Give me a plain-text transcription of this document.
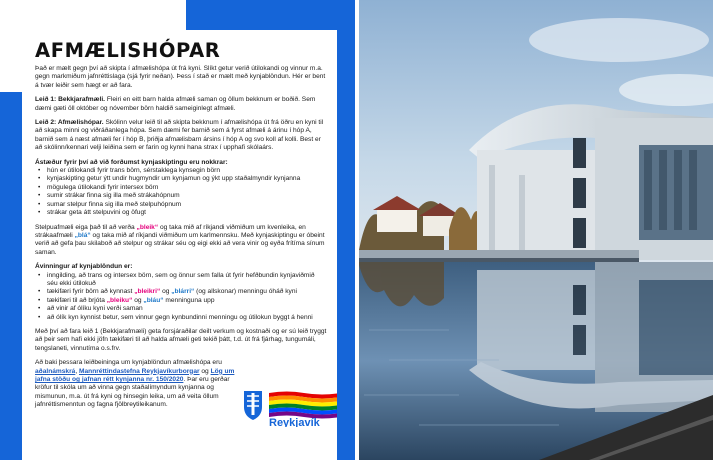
AFMÆLISHÓPAR

Það er mælt gegn því að skipta í afmælishópa út frá kyni. Slíkt getur verið útilokandi og vinnur m.a. gegn markmiðum jafnréttislaga (sjá fyrir neðan). Þess í stað er mælt með kynjablöndun. Hér er bent á tvær leiðir sem hægt er að fara.

Leið 1: Bekkjarafmæli. Fleiri en eitt barn halda afmæli saman og öllum bekknum er boðið. Sem dæmi gæti öll október og nóvember börn haldið sameiginlegt afmæli.

Leið 2: Afmælishópar. Skólinn velur leið til að skipta bekknum í afmælishópa út frá öðru en kyni til að skapa minni og viðráðanlega hópa. Sem dæmi fer barnið sem á fyrst afmæli á árinu í hóp A, barnið sem á næst afmæli fer í hóp B, þriðja afmælisbarn ársins í hóp A og svo koll af kolli. Best er að skólinn/kennari velji leiðina sem er farin og kynni hana strax í upphafi skólaárs.

Ástæður fyrir því að við forðumst kynjaskiptingu eru nokkrar:
• hún er útilokandi fyrir trans börn, sérstaklega kynsegin börn
• kynjaskipting getur ýtt undir hugmyndir um kynjamun og ýkt upp staðalmyndir kynjanna
• mögulega útilokandi fyrir intersex börn
• sumir strákar finna sig illa með strákahópnum
• sumar stelpur finna sig illa með stelpuhópnum
• strákar geta átt stelpuvini og öfugt

Stelpuafmæli eiga það til að verða „bleik“ og taka mið af ríkjandi viðmiðum um kvenleika, en strákaafmæli „blá“ og taka mið af ríkjandi viðmiðum um karlmennsku. Með kynjaskiptingu er óbeint verið að gefa þau skilaboð að stelpur og strákar séu og eigi ekki að vera vinir og eyða frítíma sínum saman.

Ávinningur af kynjablöndun er:
• inngilding, að trans og intersex börn, sem og önnur sem falla út fyrir hefðbundin kynjaviðmið séu ekki útilokuð
• tækifæri fyrir börn að kynnast „bleikri“ og „blárri“ (og allskonar) menningu óháð kyni
• tækifæri til að brjóta „bleiku“ og „bláu“ menninguna upp
• að vinir af ólíku kyni verði saman
• að ólík kyn kynnist betur, sem vinnur gegn kynbundinni menningu og útilokun byggt á henni

Með því að fara leið 1 (Bekkjarafmæli) geta forsjáraðilar deilt verkum og kostnaði og er sú leið tryggt að þeir sem hafi ekki jöfn tækifæri til að halda afmæli geti tekið þátt, t.d. út frá fjárhag, tungumáli, tengslaneti, vinnutíma o.s.frv.

Að baki þessara leiðbeininga um kynjablöndun afmælishópa eru

aðalnámskrá, Mannréttindastefna Reykjavíkurborgar og Lög um jafna stöðu og jafnan rétt kynjanna nr. 150/2020. Þar eru gerðar kröfur til skóla um að vinna gegn staðalímyndum kynjanna og mismunun, m.a. út frá kyni og hinsegin leika, um að veita öllum jafnréttismenntun og fagna fjölbreytileikanum.

Reykjavík
